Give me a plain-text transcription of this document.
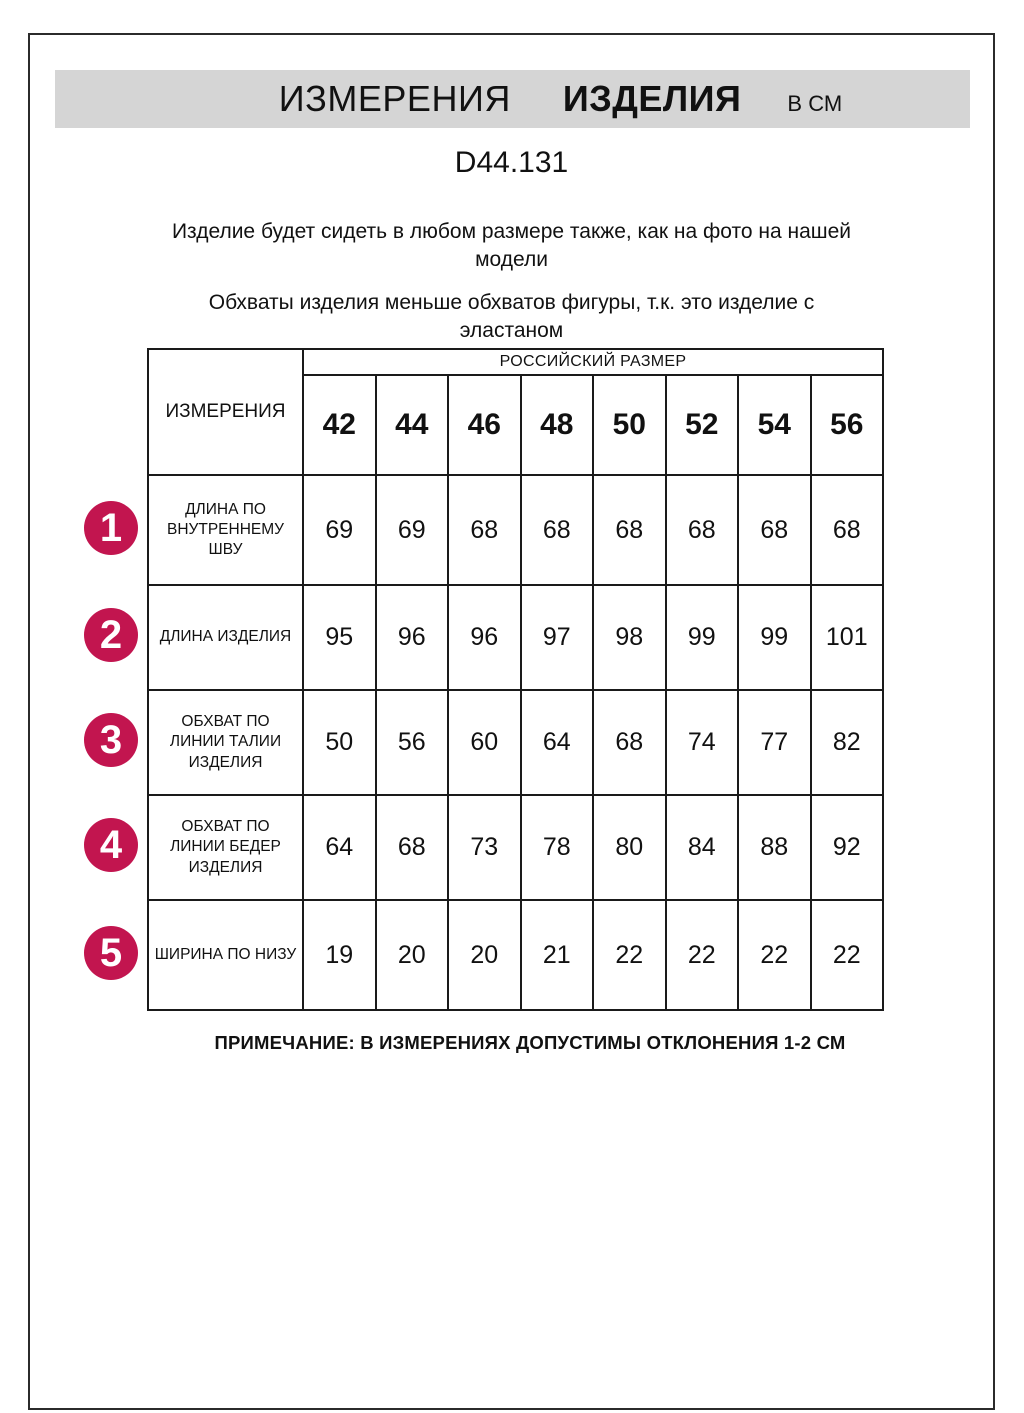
ИЗМЕРЕНИЯ ИЗДЕЛИЯ В СМ
D44.131

Изделие будет сидеть в любом размере также, как на фото на нашей модели

Обхваты изделия меньше обхватов фигуры, т.к. это изделие с эластаном

ИЗМЕРЕНИЯ	РОССИЙСКИЙ РАЗМЕР							
	42	44	46	48	50	52	54	56
ДЛИНА ПО ВНУТРЕННЕМУ ШВУ	69	69	68	68	68	68	68	68
ДЛИНА ИЗДЕЛИЯ	95	96	96	97	98	99	99	101
ОБХВАТ ПО ЛИНИИ ТАЛИИ ИЗДЕЛИЯ	50	56	60	64	68	74	77	82
ОБХВАТ ПО ЛИНИИ БЕДЕР ИЗДЕЛИЯ	64	68	73	78	80	84	88	92
ШИРИНА ПО НИЗУ	19	20	20	21	22	22	22	22
1
2
3
4
5
ПРИМЕЧАНИЕ: В ИЗМЕРЕНИЯХ ДОПУСТИМЫ ОТКЛОНЕНИЯ 1-2 СМ
